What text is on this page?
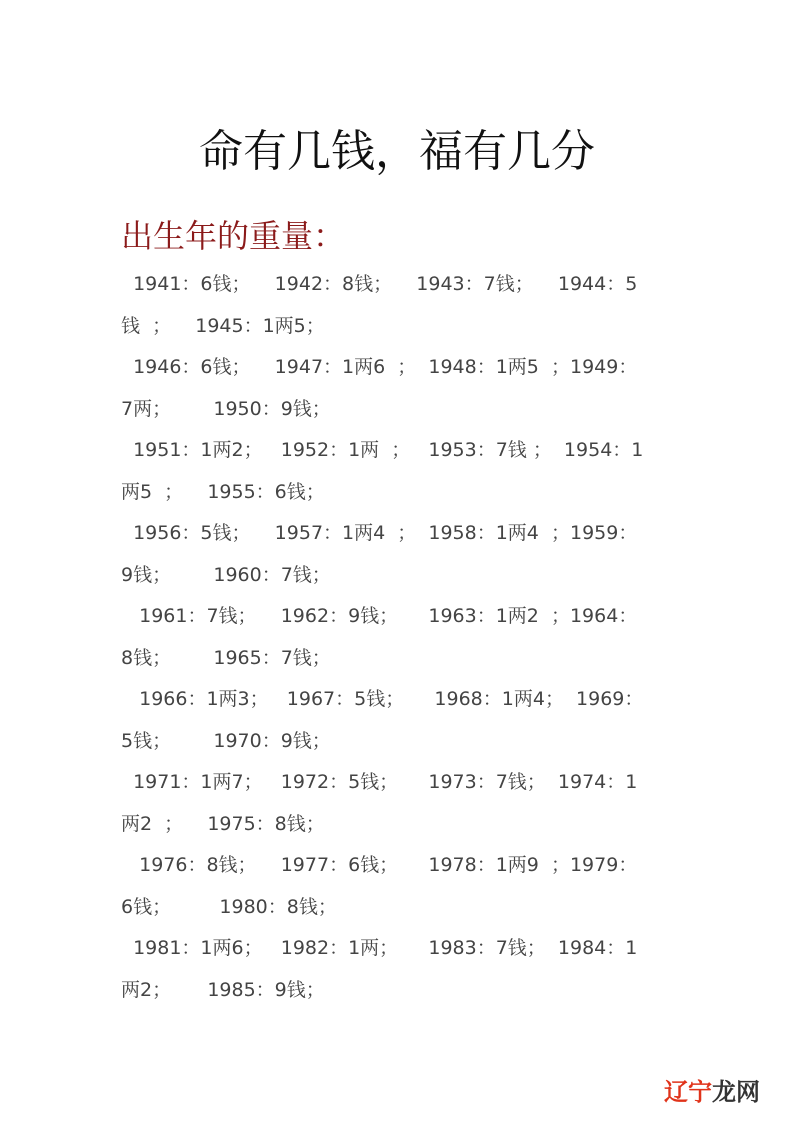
命有几钱，福有几分
出生年的重量：
1941：6钱；    1942：8钱；    1943：7钱；    1944：5
钱  ；    1945：1两5；
1946：6钱；    1947：1两6  ；  1948：1两5  ；1949：
7两；       1950：9钱；
1951：1两2；   1952：1两  ；   1953：7钱 ；  1954：1
两5  ；    1955：6钱；
1956：5钱；    1957：1两4  ；  1958：1两4  ；1959：
9钱；       1960：7钱；
1961：7钱；    1962：9钱；     1963：1两2  ；1964：
8钱；       1965：7钱；
1966：1两3；   1967：5钱；     1968：1两4；  1969：
5钱；       1970：9钱；
1971：1两7；   1972：5钱；     1973：7钱；  1974：1
两2  ；    1975：8钱；
1976：8钱；    1977：6钱；     1978：1两9  ；1979：
6钱；        1980：8钱；
1981：1两6；   1982：1两；     1983：7钱；  1984：1
两2；      1985：9钱；
辽宁 龙网
